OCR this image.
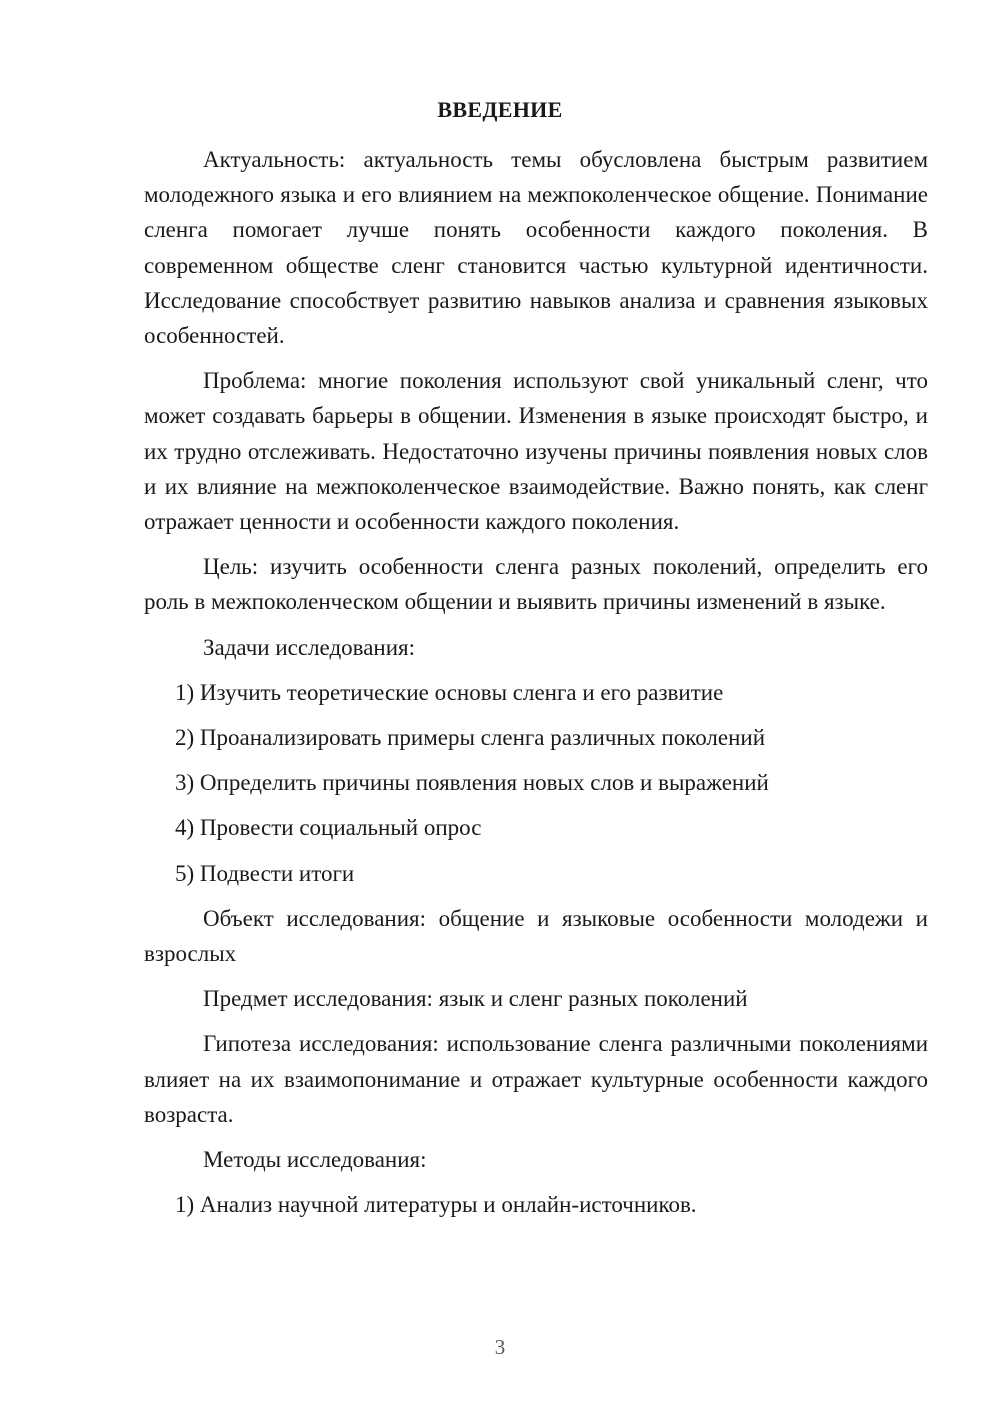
ВВЕДЕНИЕ

Актуальность: актуальность темы обусловлена быстрым развитием молодежного языка и его влиянием на межпоколенческое общение. Понимание сленга помогает лучше понять особенности каждого поколения. В современном обществе сленг становится частью культурной идентичности. Исследование способствует развитию навыков анализа и сравнения языковых особенностей.

Проблема: многие поколения используют свой уникальный сленг, что может создавать барьеры в общении. Изменения в языке происходят быстро, и их трудно отслеживать. Недостаточно изучены причины появления новых слов и их влияние на межпоколенческое взаимодействие. Важно понять, как сленг отражает ценности и особенности каждого поколения.

Цель: изучить особенности сленга разных поколений, определить его роль в межпоколенческом общении и выявить причины изменений в языке.

Задачи исследования:

1) Изучить теоретические основы сленга и его развитие

2) Проанализировать примеры сленга различных поколений

3) Определить причины появления новых слов и выражений

4) Провести социальный опрос

5) Подвести итоги

Объект исследования: общение и языковые особенности молодежи и взрослых

Предмет исследования: язык и сленг разных поколений

Гипотеза исследования: использование сленга различными поколениями влияет на их взаимопонимание и отражает культурные особенности каждого возраста.

Методы исследования:

1) Анализ научной литературы и онлайн-источников.

3
